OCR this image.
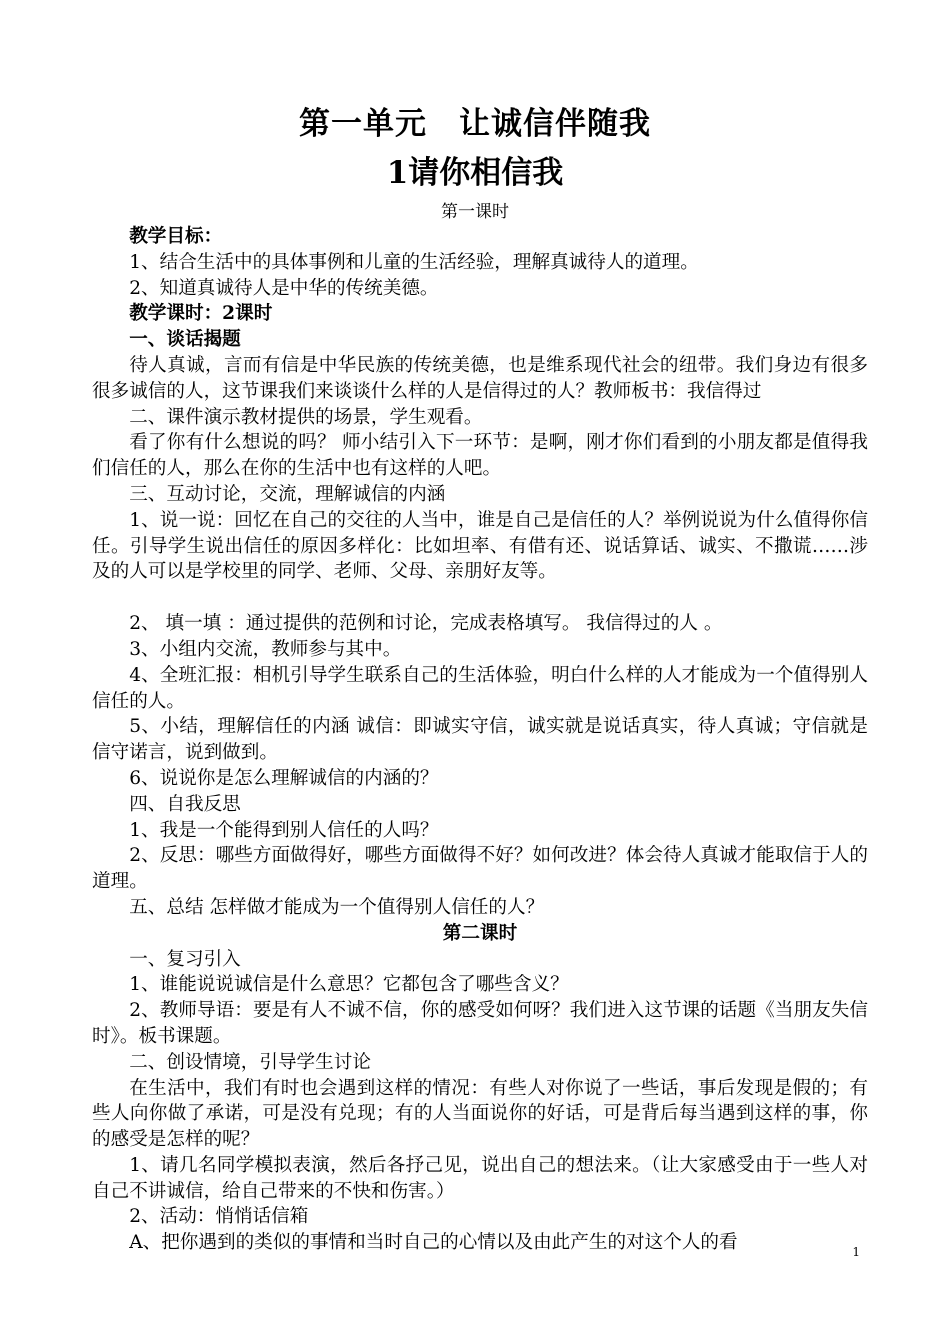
第一单元　让诚信伴随我
1请你相信我
第一课时

教学目标：

1、结合生活中的具体事例和儿童的生活经验，理解真诚待人的道理。

2、知道真诚待人是中华的传统美德。

教学课时：2课时

一、谈话揭题

待人真诚，言而有信是中华民族的传统美德，也是维系现代社会的纽带。我们身边有很多很多诚信的人，这节课我们来谈谈什么样的人是信得过的人？教师板书：我信得过

二、课件演示教材提供的场景，学生观看。

看了你有什么想说的吗？ 师小结引入下一环节：是啊，刚才你们看到的小朋友都是值得我们信任的人，那么在你的生活中也有这样的人吧。

三、互动讨论，交流，理解诚信的内涵

1、说一说：回忆在自己的交往的人当中，谁是自己是信任的人？举例说说为什么值得你信任。引导学生说出信任的原因多样化：比如坦率、有借有还、说话算话、诚实、不撒谎……涉及的人可以是学校里的同学、老师、父母、亲朋好友等。

2、 填一填 ：通过提供的范例和讨论，完成表格填写。 我信得过的人 。

3、小组内交流，教师参与其中。

4、全班汇报：相机引导学生联系自己的生活体验，明白什么样的人才能成为一个值得别人信任的人。

5、小结，理解信任的内涵 诚信：即诚实守信，诚实就是说话真实，待人真诚；守信就是信守诺言，说到做到。

6、说说你是怎么理解诚信的内涵的？

四、自我反思

1、我是一个能得到别人信任的人吗？

2、反思：哪些方面做得好，哪些方面做得不好？如何改进？体会待人真诚才能取信于人的道理。

五、总结 怎样做才能成为一个值得别人信任的人？

第二课时

一、复习引入

1、谁能说说诚信是什么意思？它都包含了哪些含义？

2、教师导语：要是有人不诚不信，你的感受如何呀？我们进入这节课的话题《当朋友失信时》。板书课题。

二、创设情境，引导学生讨论

在生活中，我们有时也会遇到这样的情况：有些人对你说了一些话，事后发现是假的；有些人向你做了承诺，可是没有兑现；有的人当面说你的好话，可是背后每当遇到这样的事，你的感受是怎样的呢？

1、请几名同学模拟表演，然后各抒己见，说出自己的想法来。（让大家感受由于一些人对自己不讲诚信，给自己带来的不快和伤害。）

2、活动：悄悄话信箱

A、把你遇到的类似的事情和当时自己的心情以及由此产生的对这个人的看	1
